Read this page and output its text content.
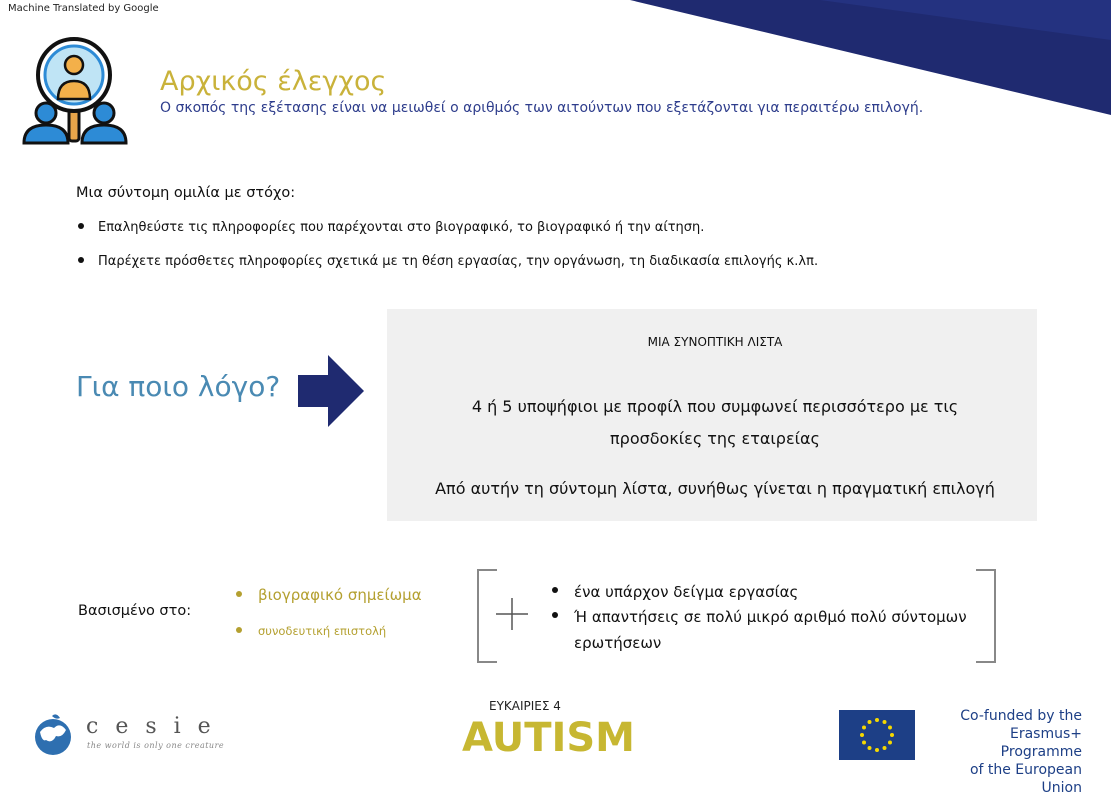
Machine Translated by Google
Αρχικός έλεγχος
Ο σκοπός της εξέτασης είναι να μειωθεί ο αριθμός των αιτούντων που εξετάζονται για περαιτέρω επιλογή.
Μια σύντομη ομιλία με στόχο:
Επαληθεύστε τις πληροφορίες που παρέχονται στο βιογραφικό, το βιογραφικό ή την αίτηση.
Παρέχετε πρόσθετες πληροφορίες σχετικά με τη θέση εργασίας, την οργάνωση, τη διαδικασία επιλογής κ.λπ.
Για ποιο λόγο?
ΜΙΑ ΣΥΝΟΠΤΙΚΗ ΛΙΣΤΑ
4 ή 5 υποψήφιοι με προφίλ που συμφωνεί περισσότερο με τις
προσδοκίες της εταιρείας
Από αυτήν τη σύντομη λίστα, συνήθως γίνεται η πραγματική επιλογή
Βασισμένο στο:
βιογραφικό σημείωμα
συνοδευτική επιστολή
ένα υπάρχον δείγμα εργασίας
Ή απαντήσεις σε πολύ μικρό αριθμό πολύ σύντομων
ερωτήσεων
cesie
the world is only one creature
ΕΥΚΑΙΡΙΕΣ 4
AUTISM	Co-funded by the
Erasmus+ Programme
of the European Union
